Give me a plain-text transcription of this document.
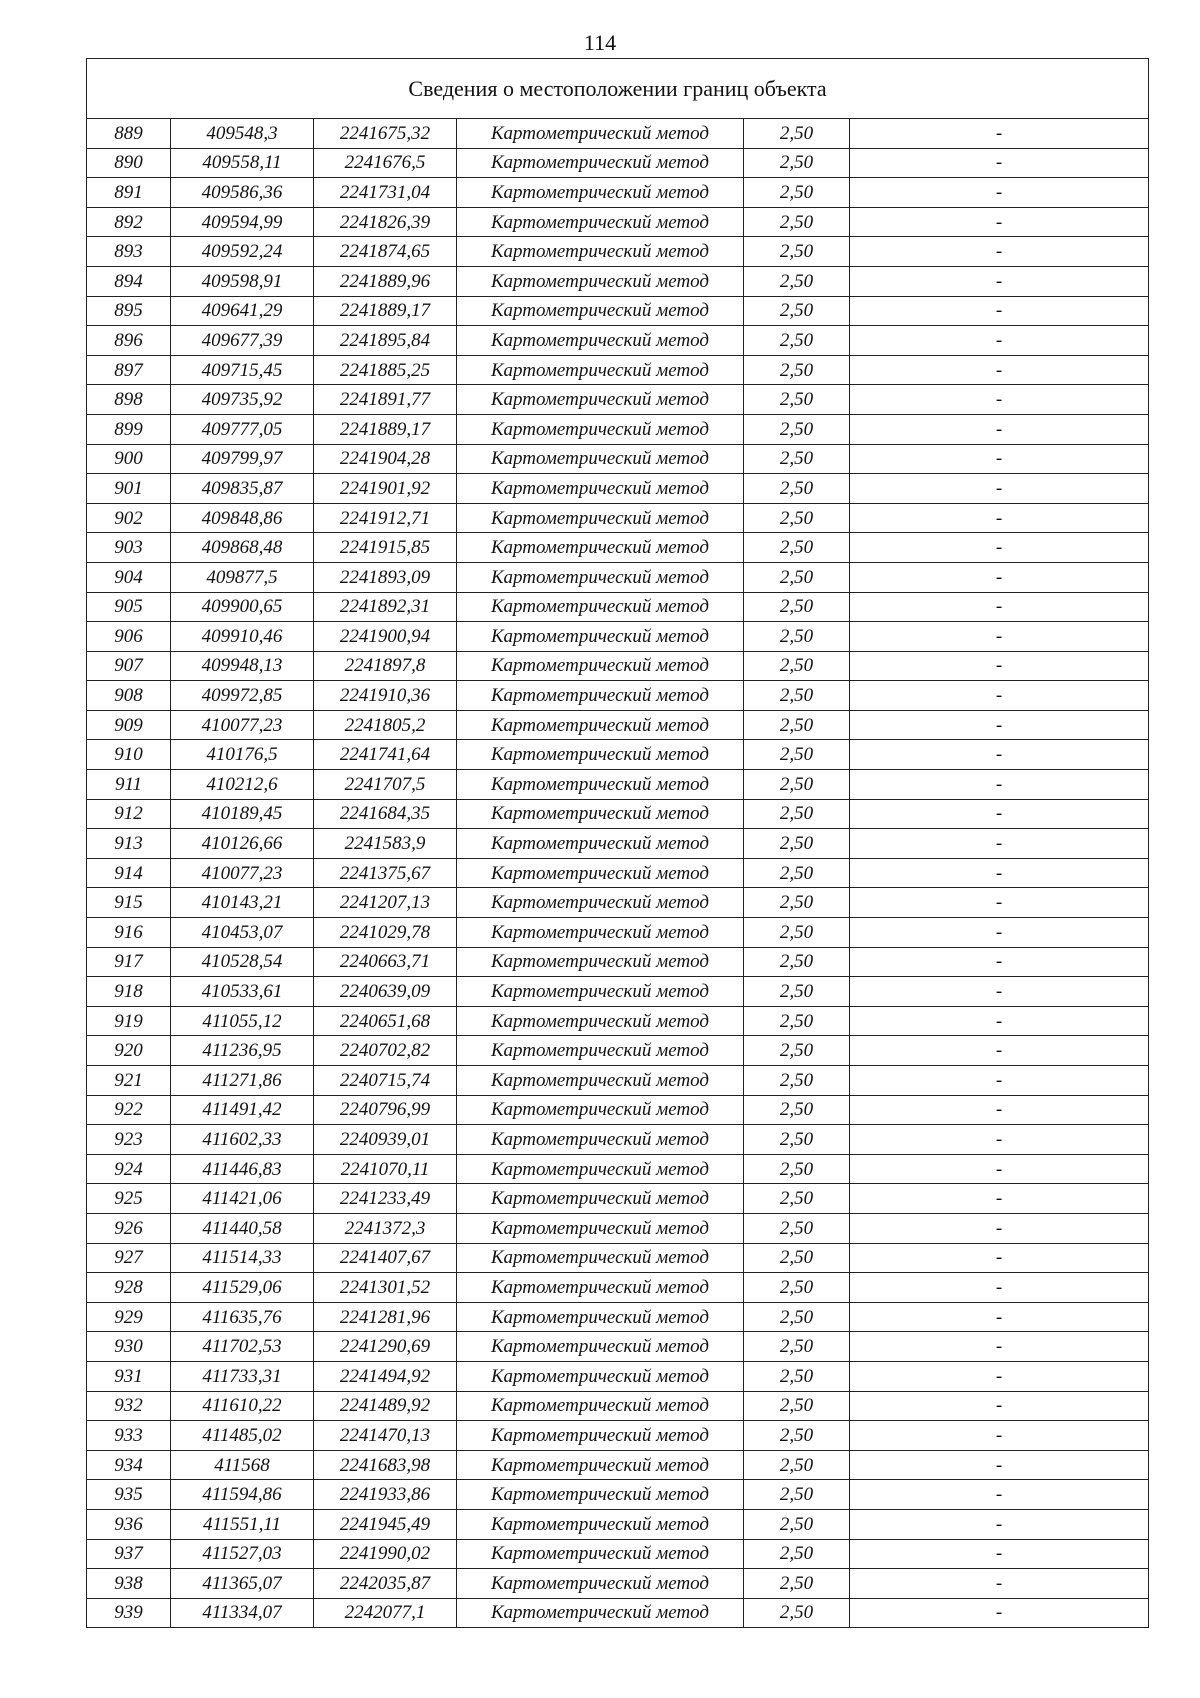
114
Сведения о местоположении границ объекта					
889	409548,3	2241675,32	Картометрический метод	2,50	-
890	409558,11	2241676,5	Картометрический метод	2,50	-
891	409586,36	2241731,04	Картометрический метод	2,50	-
892	409594,99	2241826,39	Картометрический метод	2,50	-
893	409592,24	2241874,65	Картометрический метод	2,50	-
894	409598,91	2241889,96	Картометрический метод	2,50	-
895	409641,29	2241889,17	Картометрический метод	2,50	-
896	409677,39	2241895,84	Картометрический метод	2,50	-
897	409715,45	2241885,25	Картометрический метод	2,50	-
898	409735,92	2241891,77	Картометрический метод	2,50	-
899	409777,05	2241889,17	Картометрический метод	2,50	-
900	409799,97	2241904,28	Картометрический метод	2,50	-
901	409835,87	2241901,92	Картометрический метод	2,50	-
902	409848,86	2241912,71	Картометрический метод	2,50	-
903	409868,48	2241915,85	Картометрический метод	2,50	-
904	409877,5	2241893,09	Картометрический метод	2,50	-
905	409900,65	2241892,31	Картометрический метод	2,50	-
906	409910,46	2241900,94	Картометрический метод	2,50	-
907	409948,13	2241897,8	Картометрический метод	2,50	-
908	409972,85	2241910,36	Картометрический метод	2,50	-
909	410077,23	2241805,2	Картометрический метод	2,50	-
910	410176,5	2241741,64	Картометрический метод	2,50	-
911	410212,6	2241707,5	Картометрический метод	2,50	-
912	410189,45	2241684,35	Картометрический метод	2,50	-
913	410126,66	2241583,9	Картометрический метод	2,50	-
914	410077,23	2241375,67	Картометрический метод	2,50	-
915	410143,21	2241207,13	Картометрический метод	2,50	-
916	410453,07	2241029,78	Картометрический метод	2,50	-
917	410528,54	2240663,71	Картометрический метод	2,50	-
918	410533,61	2240639,09	Картометрический метод	2,50	-
919	411055,12	2240651,68	Картометрический метод	2,50	-
920	411236,95	2240702,82	Картометрический метод	2,50	-
921	411271,86	2240715,74	Картометрический метод	2,50	-
922	411491,42	2240796,99	Картометрический метод	2,50	-
923	411602,33	2240939,01	Картометрический метод	2,50	-
924	411446,83	2241070,11	Картометрический метод	2,50	-
925	411421,06	2241233,49	Картометрический метод	2,50	-
926	411440,58	2241372,3	Картометрический метод	2,50	-
927	411514,33	2241407,67	Картометрический метод	2,50	-
928	411529,06	2241301,52	Картометрический метод	2,50	-
929	411635,76	2241281,96	Картометрический метод	2,50	-
930	411702,53	2241290,69	Картометрический метод	2,50	-
931	411733,31	2241494,92	Картометрический метод	2,50	-
932	411610,22	2241489,92	Картометрический метод	2,50	-
933	411485,02	2241470,13	Картометрический метод	2,50	-
934	411568	2241683,98	Картометрический метод	2,50	-
935	411594,86	2241933,86	Картометрический метод	2,50	-
936	411551,11	2241945,49	Картометрический метод	2,50	-
937	411527,03	2241990,02	Картометрический метод	2,50	-
938	411365,07	2242035,87	Картометрический метод	2,50	-
939	411334,07	2242077,1	Картометрический метод	2,50	-
